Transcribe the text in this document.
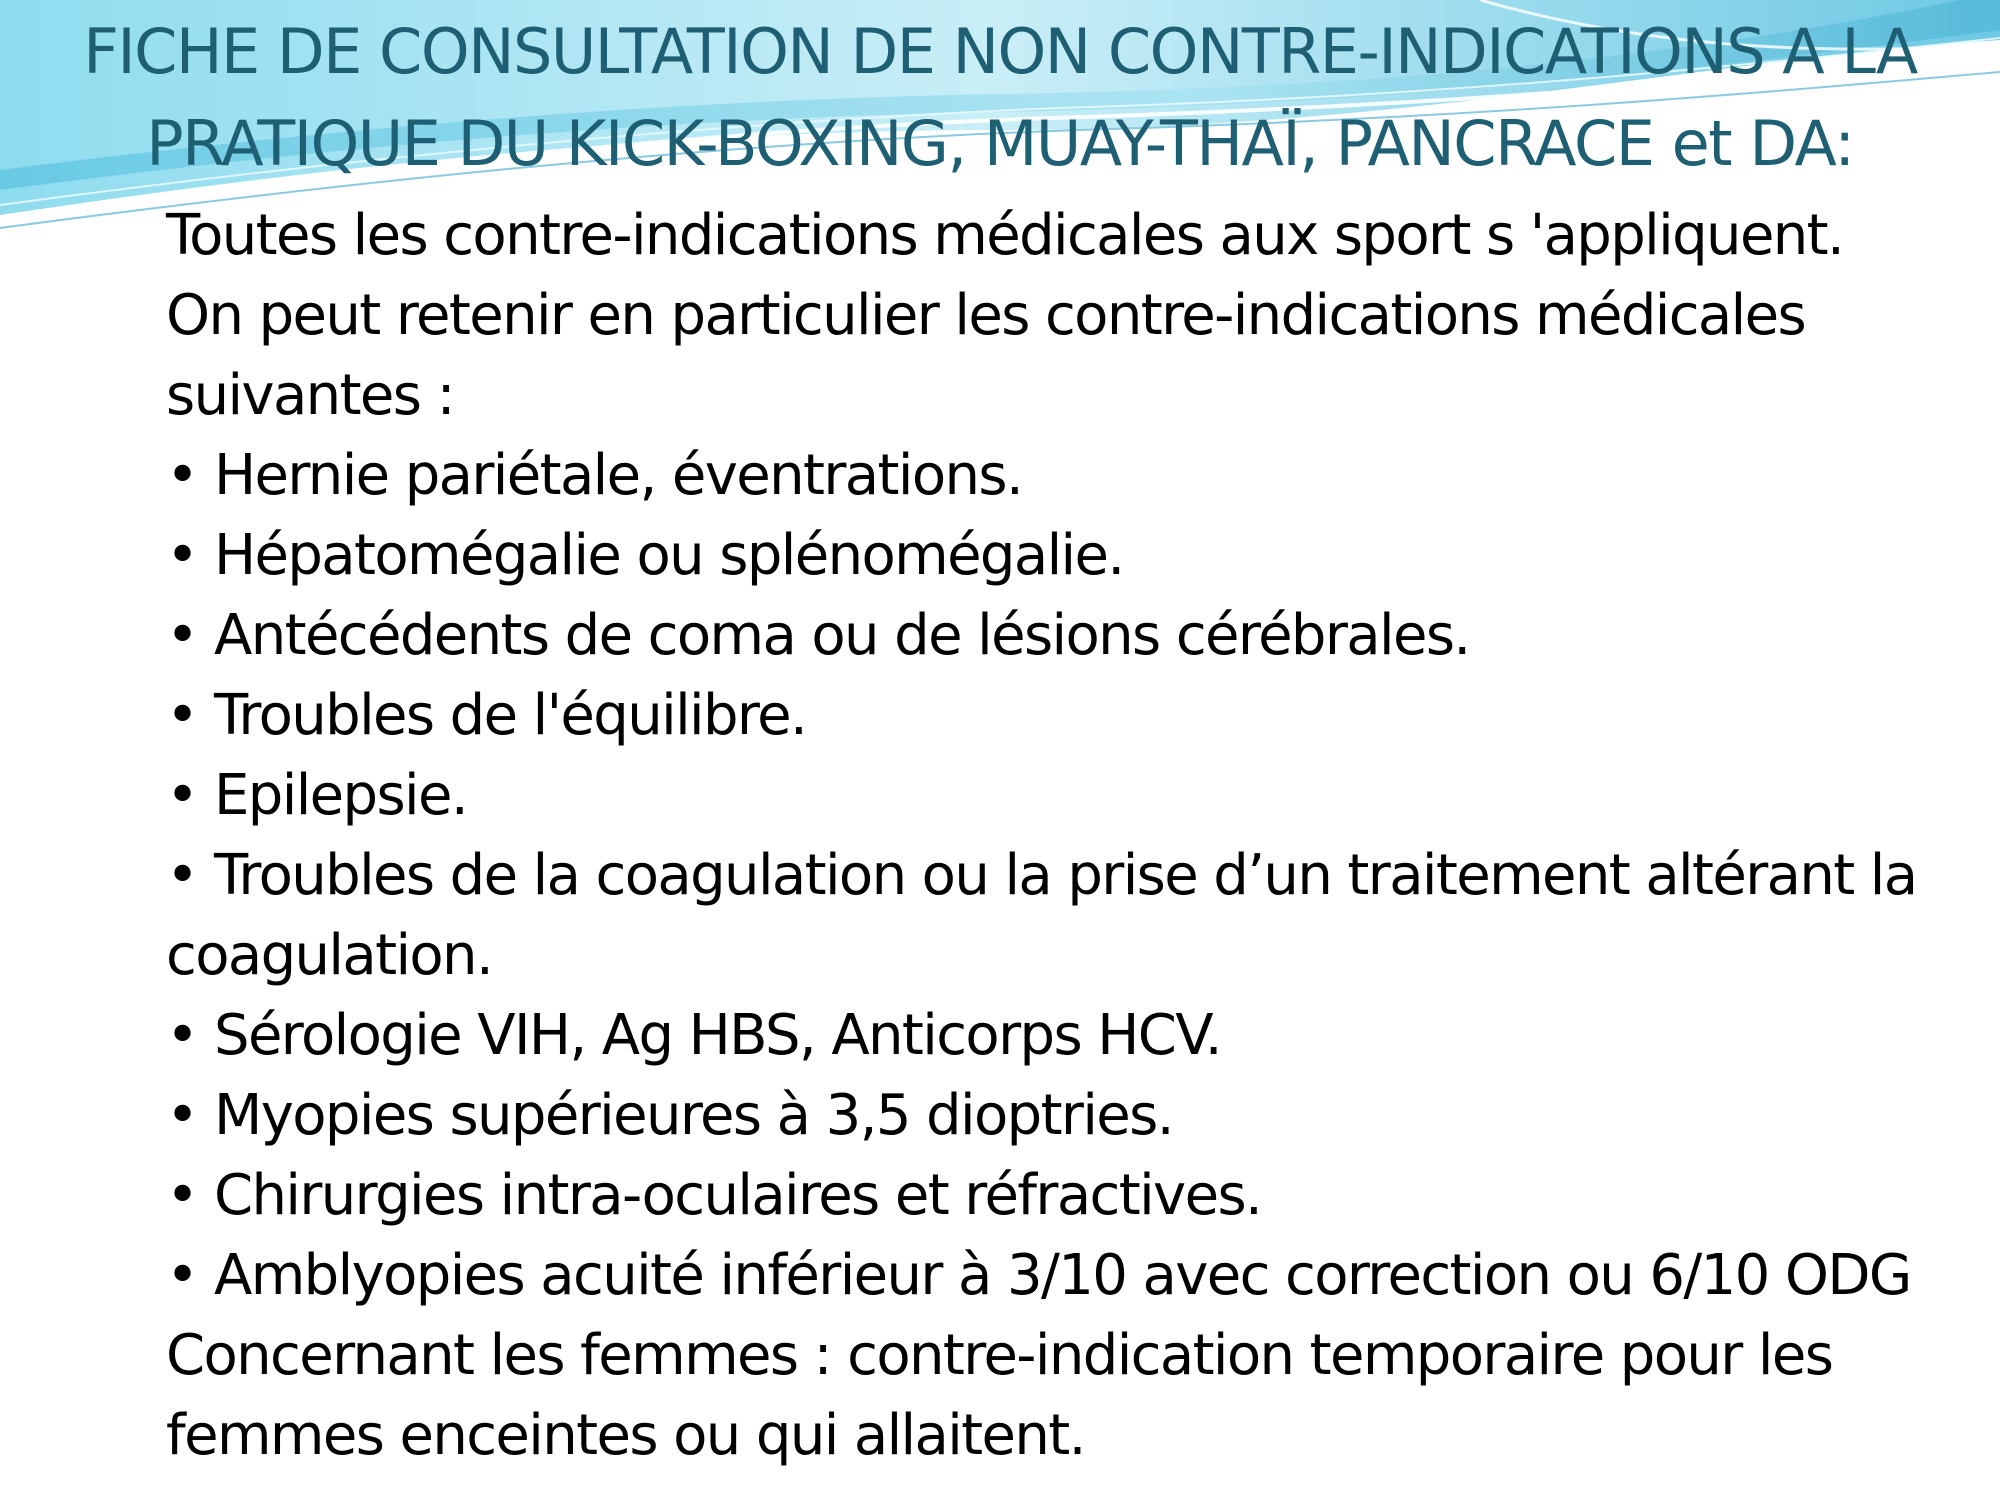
FICHE DE CONSULTATION DE NON CONTRE-INDICATIONS A LA
PRATIQUE DU KICK-BOXING, MUAY-THAÏ, PANCRACE et DA:
Toutes les contre-indications médicales aux sport s 'appliquent.
On peut retenir en particulier les contre-indications médicales
suivantes :
• Hernie pariétale, éventrations.
• Hépatomégalie ou splénomégalie.
• Antécédents de coma ou de lésions cérébrales.
• Troubles de l'équilibre.
• Epilepsie.
• Troubles de la coagulation ou la prise d’un traitement altérant la
coagulation.
• Sérologie VIH, Ag HBS, Anticorps HCV.
• Myopies supérieures à 3,5 dioptries.
• Chirurgies intra-oculaires et réfractives.
• Amblyopies acuité inférieur à 3/10 avec correction ou 6/10 ODG
Concernant les femmes : contre-indication temporaire pour les
femmes enceintes ou qui allaitent.
